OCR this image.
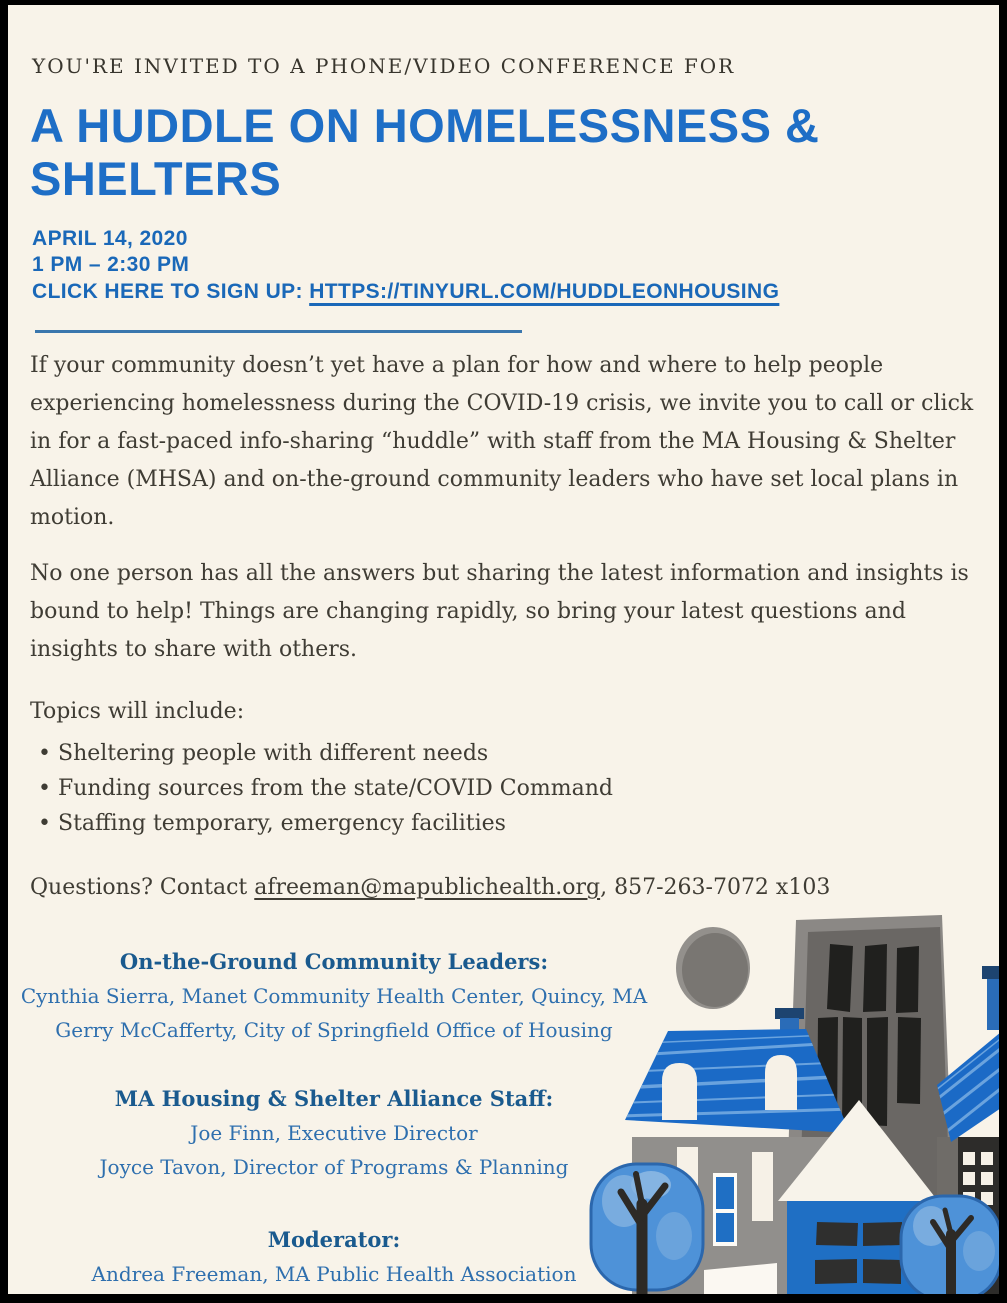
YOU'RE INVITED TO A PHONE/VIDEO CONFERENCE FOR
A HUDDLE ON HOMELESSNESS &
SHELTERS
APRIL 14, 2020
1 PM – 2:30 PM
CLICK HERE TO SIGN UP: HTTPS://TINYURL.COM/HUDDLEONHOUSING

If your community doesn’t yet have a plan for how and where to help people experiencing homelessness during the COVID-19 crisis, we invite you to call or click in for a fast-paced info-sharing “huddle” with staff from the MA Housing & Shelter Alliance (MHSA) and on-the-ground community leaders who have set local plans in motion.

No one person has all the answers but sharing the latest information and insights is bound to help! Things are changing rapidly, so bring your latest questions and insights to share with others.

Topics will include:
• Sheltering people with different needs
• Funding sources from the state/COVID Command
• Staffing temporary, emergency facilities
Questions? Contact afreeman@mapublichealth.org, 857-263-7072 x103
On-the-Ground Community Leaders:
Cynthia Sierra, Manet Community Health Center, Quincy, MA
Gerry McCafferty, City of Springfield Office of Housing
MA Housing & Shelter Alliance Staff:
Joe Finn, Executive Director
Joyce Tavon, Director of Programs & Planning
Moderator:
Andrea Freeman, MA Public Health Association
